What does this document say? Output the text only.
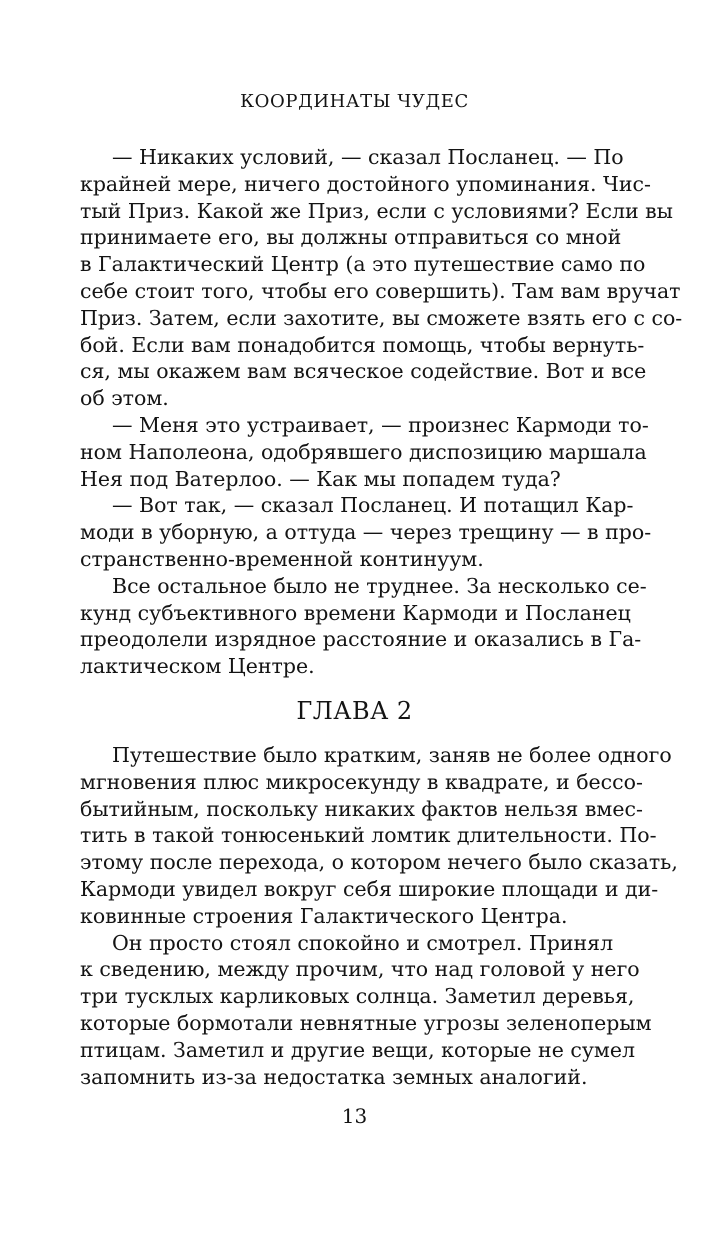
КООРДИНАТЫ ЧУДЕС
— Никаких условий, — сказал Посланец. — По
крайней мере, ничего достойного упоминания. Чис-
тый Приз. Какой же Приз, если с условиями? Если вы
принимаете его, вы должны отправиться со мной
в Галактический Центр (а это путешествие само по
себе стоит того, чтобы его совершить). Там вам вручат
Приз. Затем, если захотите, вы сможете взять его с со-
бой. Если вам понадобится помощь, чтобы вернуть-
ся, мы окажем вам всяческое содействие. Вот и все
об этом.
— Меня это устраивает, — произнес Кармоди то-
ном Наполеона, одобрявшего диспозицию маршала
Нея под Ватерлоо. — Как мы попадем туда?
— Вот так, — сказал Посланец. И потащил Кар-
моди в уборную, а оттуда — через трещину — в про-
странственно-временной континуум.
Все остальное было не труднее. За несколько се-
кунд субъективного времени Кармоди и Посланец
преодолели изрядное расстояние и оказались в Га-
лактическом Центре.
ГЛАВА 2
Путешествие было кратким, заняв не более одного
мгновения плюс микросекунду в квадрате, и бессо-
бытийным, поскольку никаких фактов нельзя вмес-
тить в такой тонюсенький ломтик длительности. По-
этому после перехода, о котором нечего было сказать,
Кармоди увидел вокруг себя широкие площади и ди-
ковинные строения Галактического Центра.
Он просто стоял спокойно и смотрел. Принял
к сведению, между прочим, что над головой у него
три тусклых карликовых солнца. Заметил деревья,
которые бормотали невнятные угрозы зеленоперым
птицам. Заметил и другие вещи, которые не сумел
запомнить из-за недостатка земных аналогий.
13
